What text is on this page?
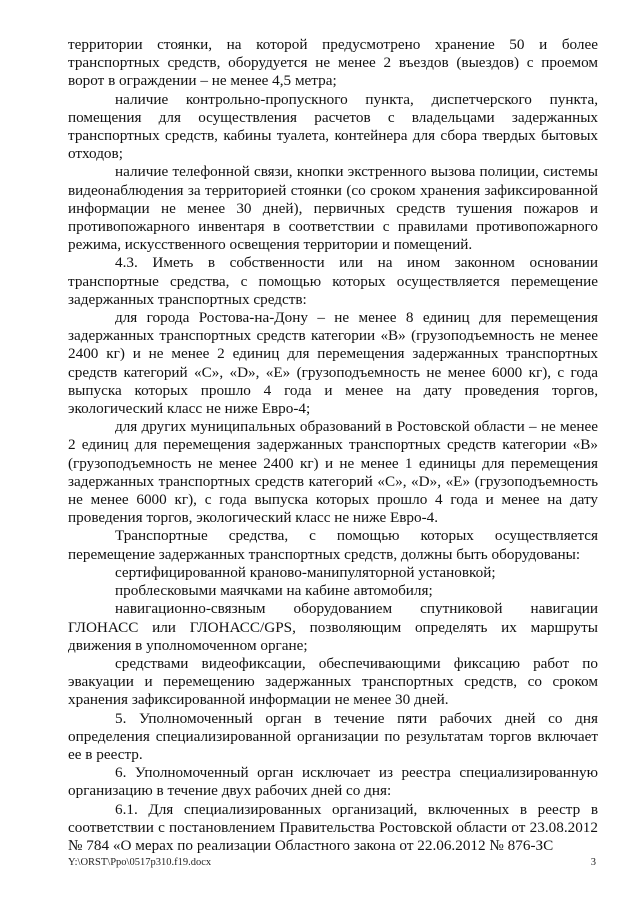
территории стоянки, на которой предусмотрено хранение 50 и более транспортных средств, оборудуется не менее 2 въездов (выездов) с проемом ворот в ограждении – не менее 4,5 метра;

наличие контрольно-пропускного пункта, диспетчерского пункта, помещения для осуществления расчетов с владельцами задержанных транспортных средств, кабины туалета, контейнера для сбора твердых бытовых отходов;

наличие телефонной связи, кнопки экстренного вызова полиции, системы видеонаблюдения за территорией стоянки (со сроком хранения зафиксированной информации не менее 30 дней), первичных средств тушения пожаров и противопожарного инвентаря в соответствии с правилами противопожарного режима, искусственного освещения территории и помещений.

4.3. Иметь в собственности или на ином законном основании транспортные средства, с помощью которых осуществляется перемещение задержанных транспортных средств:

для города Ростова-на-Дону – не менее 8 единиц для перемещения задержанных транспортных средств категории «B» (грузоподъемность не менее 2400 кг) и не менее 2 единиц для перемещения задержанных транспортных средств категорий «C», «D», «E» (грузоподъемность не менее 6000 кг), с года выпуска которых прошло 4 года и менее на дату проведения торгов, экологический класс не ниже Евро-4;

для других муниципальных образований в Ростовской области – не менее 2 единиц для перемещения задержанных транспортных средств категории «B» (грузоподъемность не менее 2400 кг) и не менее 1 единицы для перемещения задержанных транспортных средств категорий «C», «D», «E» (грузоподъемность не менее 6000 кг), с года выпуска которых прошло 4 года и менее на дату проведения торгов, экологический класс не ниже Евро-4.

Транспортные средства, с помощью которых осуществляется перемещение задержанных транспортных средств, должны быть оборудованы:

сертифицированной краново-манипуляторной установкой;

проблесковыми маячками на кабине автомобиля;

навигационно-связным оборудованием спутниковой навигации ГЛОНАСС или ГЛОНАСС/GPS, позволяющим определять их маршруты движения в уполномоченном органе;

средствами видеофиксации, обеспечивающими фиксацию работ по эвакуации и перемещению задержанных транспортных средств, со сроком хранения зафиксированной информации не менее 30 дней.

5. Уполномоченный орган в течение пяти рабочих дней со дня определения специализированной организации по результатам торгов включает ее в реестр.

6. Уполномоченный орган исключает из реестра специализированную организацию в течение двух рабочих дней со дня:

6.1. Для специализированных организаций, включенных в реестр в соответствии с постановлением Правительства Ростовской области от 23.08.2012 № 784 «О мерах по реализации Областного закона от 22.06.2012 № 876-ЗС

Y:\ORST\Ppo\0517p310.f19.docx	3
